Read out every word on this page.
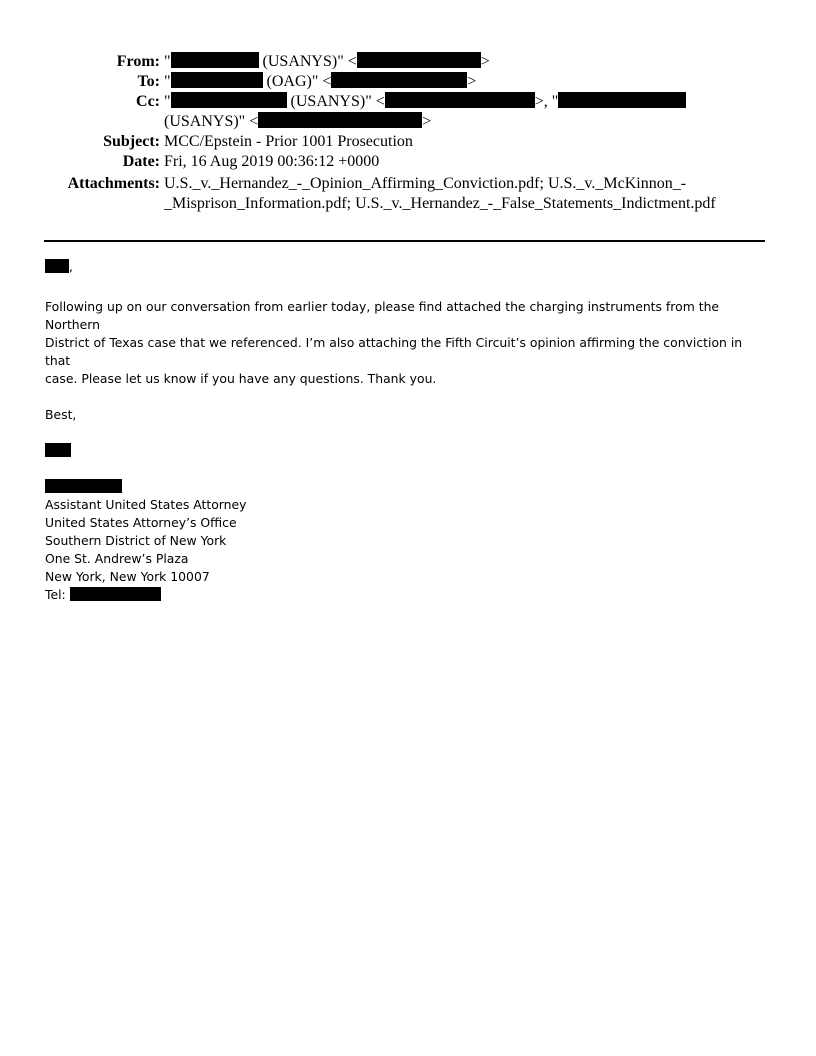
From: "	(USANYS)" <	>
To: "	(OAG)" <	>
Cc: "	(USANYS)" <	>, "
(USANYS)" <	>
Subject: MCC/Epstein - Prior 1001 Prosecution
Date: Fri, 16 Aug 2019 00:36:12 +0000
Attachments: U.S._v._Hernandez_-_Opinion_Affirming_Conviction.pdf; U.S._v._McKinnon_-
_Misprison_Information.pdf; U.S._v._Hernandez_-_False_Statements_Indictment.pdf

,

Following up on our conversation from earlier today, please find attached the charging instruments from the Northern

District of Texas case that we referenced. I’m also attaching the Fifth Circuit’s opinion affirming the conviction in that

case. Please let us know if you have any questions. Thank you.

Best,

Assistant United States Attorney

United States Attorney’s Office

Southern District of New York

One St. Andrew’s Plaza

New York, New York 10007

Tel:
